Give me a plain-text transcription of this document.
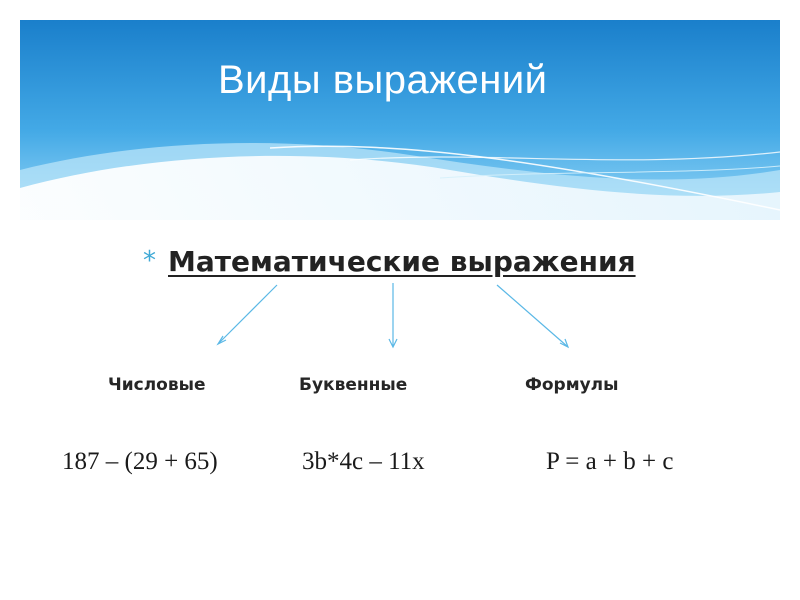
Виды выражений
* Математические выражения
Числовые	Буквенные	Формулы
187 – (29 + 65)	3b*4c – 11x	P = a + b + c
